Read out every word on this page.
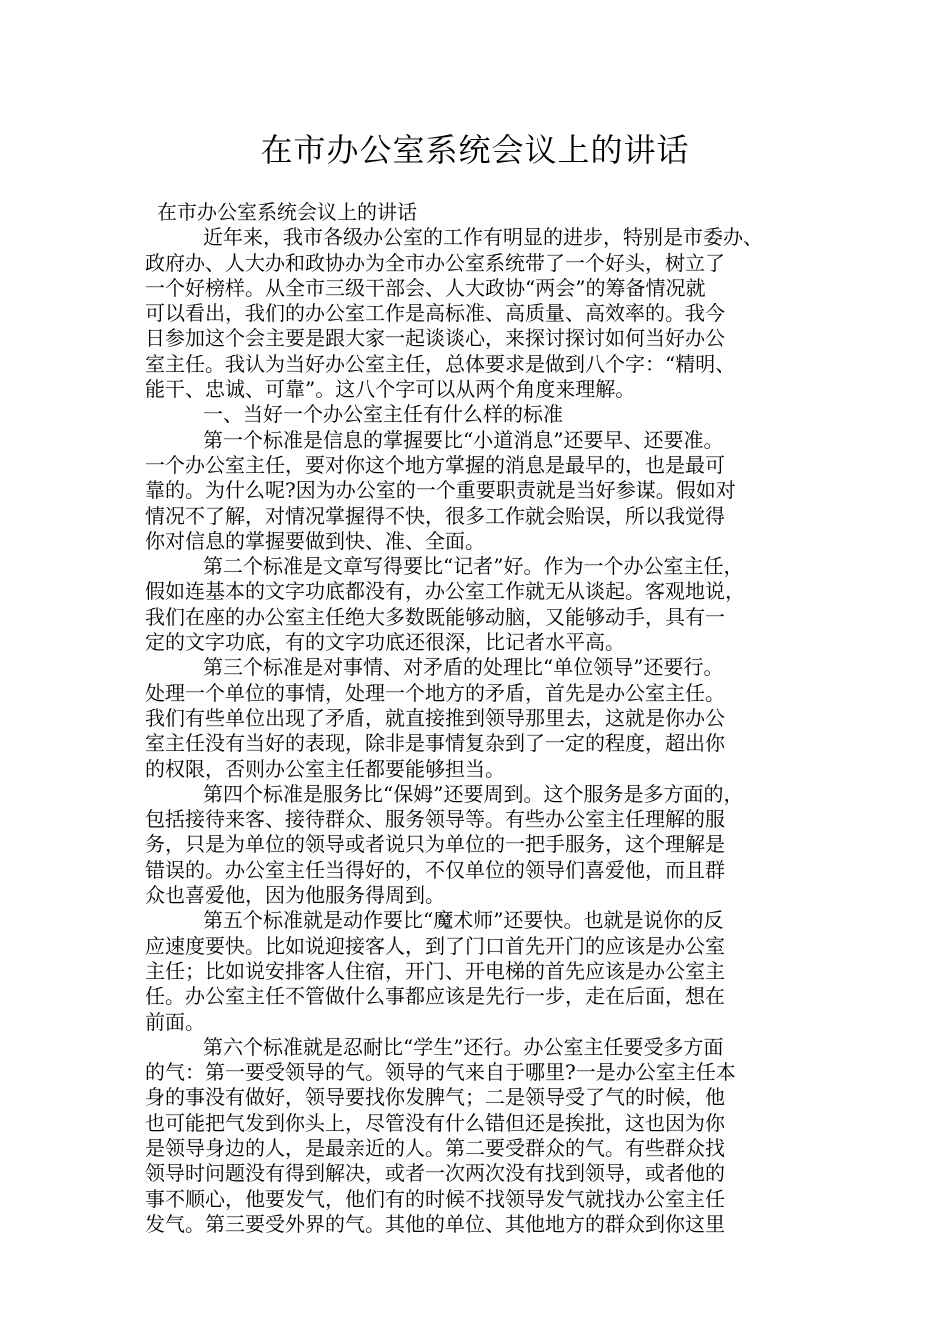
在市办公室系统会议上的讲话
在市办公室系统会议上的讲话
近年来，我市各级办公室的工作有明显的进步，特别是市委办、
政府办、人大办和政协办为全市办公室系统带了一个好头，树立了
一个好榜样。从全市三级干部会、人大政协“两会”的筹备情况就
可以看出，我们的办公室工作是高标准、高质量、高效率的。我今
日参加这个会主要是跟大家一起谈谈心，来探讨探讨如何当好办公
室主任。我认为当好办公室主任，总体要求是做到八个字：“精明、
能干、忠诚、可靠”。这八个字可以从两个角度来理解。
一、当好一个办公室主任有什么样的标准
第一个标准是信息的掌握要比“小道消息”还要早、还要准。
一个办公室主任，要对你这个地方掌握的消息是最早的，也是最可
靠的。为什么呢?因为办公室的一个重要职责就是当好参谋。假如对
情况不了解，对情况掌握得不快，很多工作就会贻误，所以我觉得
你对信息的掌握要做到快、准、全面。
第二个标准是文章写得要比“记者”好。作为一个办公室主任，
假如连基本的文字功底都没有，办公室工作就无从谈起。客观地说，
我们在座的办公室主任绝大多数既能够动脑，又能够动手，具有一
定的文字功底，有的文字功底还很深，比记者水平高。
第三个标准是对事情、对矛盾的处理比“单位领导”还要行。
处理一个单位的事情，处理一个地方的矛盾，首先是办公室主任。
我们有些单位出现了矛盾，就直接推到领导那里去，这就是你办公
室主任没有当好的表现，除非是事情复杂到了一定的程度，超出你
的权限，否则办公室主任都要能够担当。
第四个标准是服务比“保姆”还要周到。这个服务是多方面的，
包括接待来客、接待群众、服务领导等。有些办公室主任理解的服
务，只是为单位的领导或者说只为单位的一把手服务，这个理解是
错误的。办公室主任当得好的，不仅单位的领导们喜爱他，而且群
众也喜爱他，因为他服务得周到。
第五个标准就是动作要比“魔术师”还要快。也就是说你的反
应速度要快。比如说迎接客人，到了门口首先开门的应该是办公室
主任；比如说安排客人住宿，开门、开电梯的首先应该是办公室主
任。办公室主任不管做什么事都应该是先行一步，走在后面，想在
前面。
第六个标准就是忍耐比“学生”还行。办公室主任要受多方面
的气：第一要受领导的气。领导的气来自于哪里?一是办公室主任本
身的事没有做好，领导要找你发脾气；二是领导受了气的时候，他
也可能把气发到你头上，尽管没有什么错但还是挨批，这也因为你
是领导身边的人，是最亲近的人。第二要受群众的气。有些群众找
领导时问题没有得到解决，或者一次两次没有找到领导，或者他的
事不顺心，他要发气，他们有的时候不找领导发气就找办公室主任
发气。第三要受外界的气。其他的单位、其他地方的群众到你这里
